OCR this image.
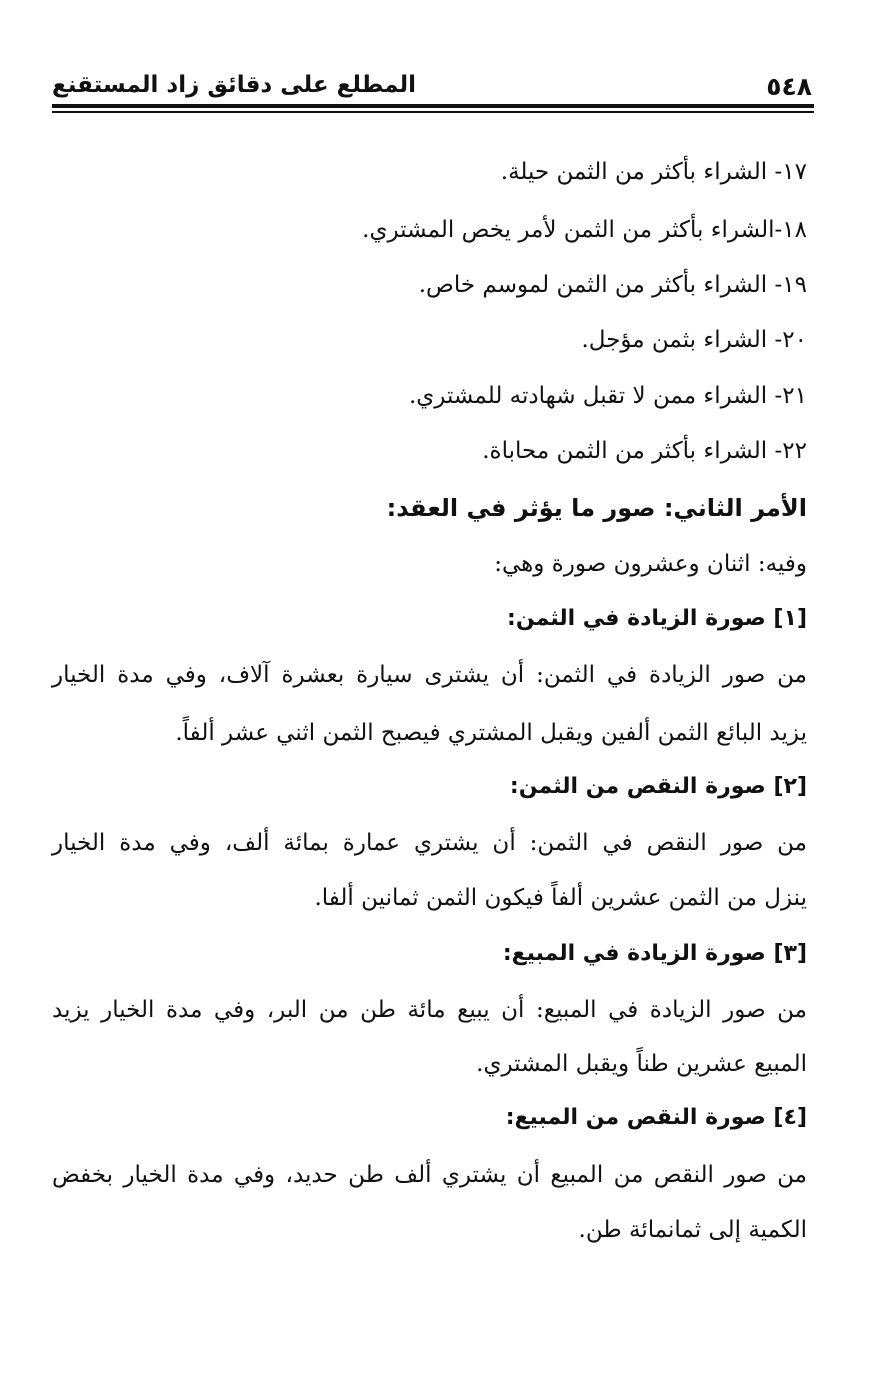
٥٤٨
المطلع على دقائق زاد المستقنع
١٧- الشراء بأكثر من الثمن حيلة.
١٨-الشراء بأكثر من الثمن لأمر يخص المشتري.
١٩- الشراء بأكثر من الثمن لموسم خاص.
٢٠- الشراء بثمن مؤجل.
٢١- الشراء ممن لا تقبل شهادته للمشتري.
٢٢- الشراء بأكثر من الثمن محاباة.
الأمر الثاني: صور ما يؤثر في العقد:
وفيه: اثنان وعشرون صورة وهي:
[١] صورة الزيادة في الثمن:
من صور الزيادة في الثمن: أن يشترى سيارة بعشرة آلاف، وفي مدة الخيار
يزيد البائع الثمن ألفين ويقبل المشتري فيصبح الثمن اثني عشر ألفاً.
[٢] صورة النقص من الثمن:
من صور النقص في الثمن: أن يشتري عمارة بمائة ألف، وفي مدة الخيار
ينزل من الثمن عشرين ألفاً فيكون الثمن ثمانين ألفا.
[٣] صورة الزيادة في المبيع:
من صور الزيادة في المبيع: أن يبيع مائة طن من البر، وفي مدة الخيار يزيد
المبيع عشرين طناً ويقبل المشتري.
[٤] صورة النقص من المبيع:
من صور النقص من المبيع أن يشتري ألف طن حديد، وفي مدة الخيار بخفض
الكمية إلى ثمانمائة طن.
